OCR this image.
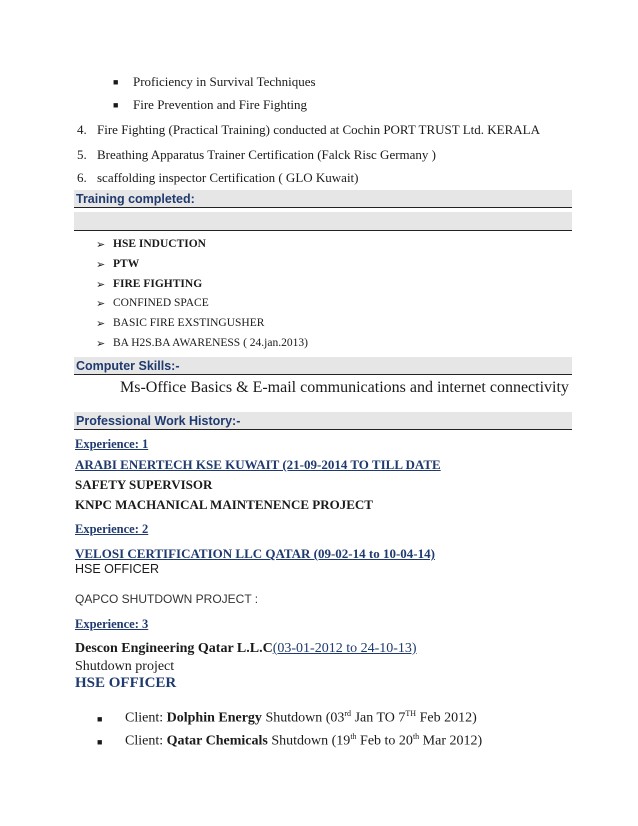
■ Proficiency in Survival Techniques
■ Fire Prevention and Fire Fighting
4. Fire Fighting (Practical Training) conducted at Cochin PORT TRUST Ltd. KERALA
5. Breathing Apparatus Trainer Certification (Falck Risc Germany )
6. scaffolding inspector Certification ( GLO Kuwait)
Training completed:
➢ HSE INDUCTION
➢ PTW
➢ FIRE FIGHTING
➢ CONFINED SPACE
➢ BASIC FIRE EXSTINGUSHER
➢ BA H2S.BA AWARENESS ( 24.jan.2013)
Computer Skills:-
Ms-Office Basics & E-mail communications and internet connectivity
Professional Work History:-
Experience: 1
ARABI ENERTECH KSE KUWAIT (21-09-2014 TO TILL DATE
SAFETY SUPERVISOR
KNPC MACHANICAL MAINTENENCE PROJECT
Experience: 2
VELOSI CERTIFICATION LLC QATAR (09-02-14 to 10-04-14)
HSE OFFICER
QAPCO SHUTDOWN PROJECT :
Experience: 3
Descon Engineering Qatar L.L.C(03-01-2012 to 24-10-13)
Shutdown project
HSE OFFICER
■ Client: Dolphin Energy Shutdown (03rd Jan TO 7TH Feb 2012)
■ Client: Qatar Chemicals Shutdown (19th Feb to 20th Mar 2012)
